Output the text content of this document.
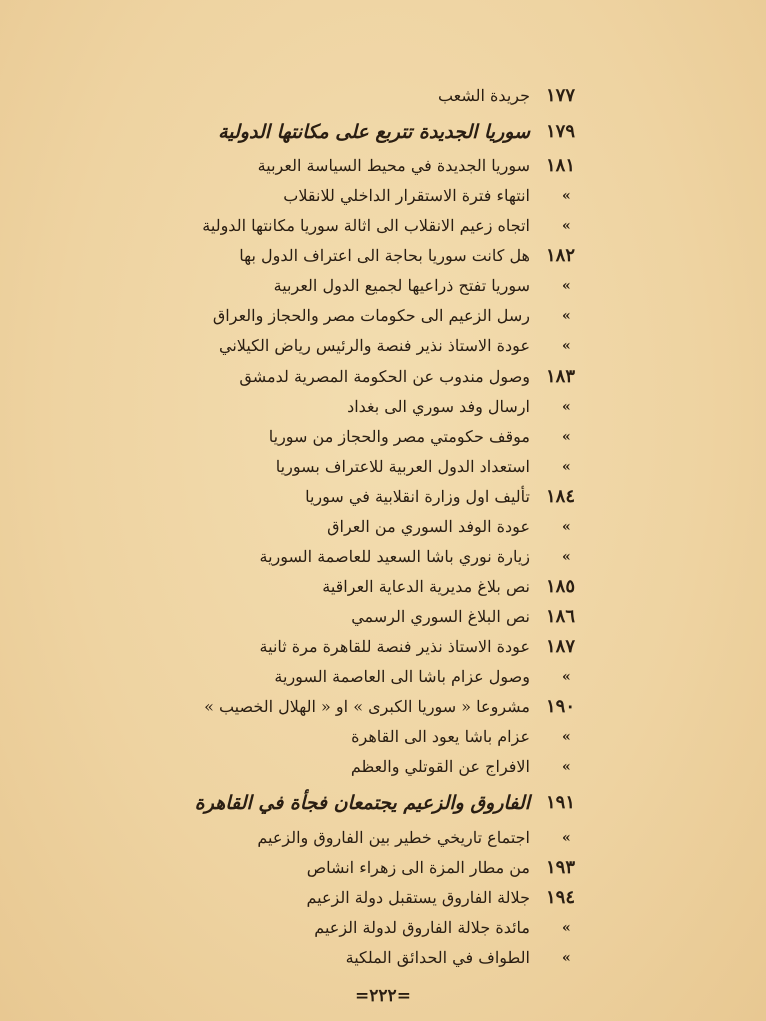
١٧٧
جريدة الشعب
١٧٩
سوريا الجديدة تتربع على مكانتها الدولية
١٨١
سوريا الجديدة في محيط السياسة العربية
«
انتهاء فترة الاستقرار الداخلي للانقلاب
«
اتجاه زعيم الانقلاب الى اثالة سوريا مكانتها الدولية
١٨٢
هل كانت سوريا بحاجة الى اعتراف الدول بها
«
سوريا تفتح ذراعيها لجميع الدول العربية
«
رسل الزعيم الى حكومات مصر والحجاز والعراق
«
عودة الاستاذ نذير فنصة والرئيس رياض الكيلاني
١٨٣
وصول مندوب عن الحكومة المصرية لدمشق
«
ارسال وفد سوري الى بغداد
«
موقف حكومتي مصر والحجاز من سوريا
«
استعداد الدول العربية للاعتراف بسوريا
١٨٤
تأليف اول وزارة انقلابية في سوريا
«
عودة الوفد السوري من العراق
«
زيارة نوري باشا السعيد للعاصمة السورية
١٨٥
نص بلاغ مديرية الدعاية العراقية
١٨٦
نص البلاغ السوري الرسمي
١٨٧
عودة الاستاذ نذير فنصة للقاهرة مرة ثانية
«
وصول عزام باشا الى العاصمة السورية
١٩٠
مشروعا « سوريا الكبرى » او « الهلال الخصيب »
«
عزام باشا يعود الى القاهرة
«
الافراج عن القوتلي والعظم
١٩١
الفاروق والزعيم يجتمعان فجأة في القاهرة
«
اجتماع تاريخي خطير بين الفاروق والزعيم
١٩٣
من مطار المزة الى زهراء انشاص
١٩٤
جلالة الفاروق يستقبل دولة الزعيم
«
مائدة جلالة الفاروق لدولة الزعيم
«
الطواف في الحدائق الملكية
=٢٢٢=
